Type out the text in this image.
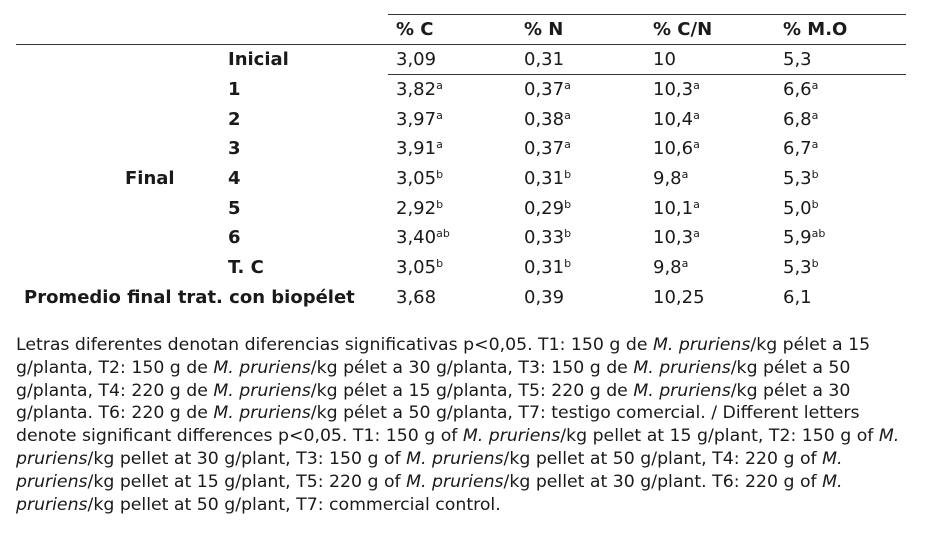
% C	% N	% C/N	% M.O
Final
Inicial	3,09	0,31	10	5,3
1	3,82$^a$	0,37$^a$	10,3$^a$	6,6$^a$
2	3,97$^a$	0,38$^a$	10,4$^a$	6,8$^a$
3	3,91$^a$	0,37$^a$	10,6$^a$	6,7$^a$
4	3,05$^b$	0,31$^b$	9,8$^a$	5,3$^b$
5	2,92$^b$	0,29$^b$	10,1$^a$	5,0$^b$
6	3,40$^{ab}$	0,33$^b$	10,3$^a$	5,9$^{ab}$
T. C	3,05$^b$	0,31$^b$	9,8$^a$	5,3$^b$
Promedio final trat. con biopélet 3,68	0,39	10,25	6,1
Letras diferentes denotan diferencias significativas p<0,05. T1: 150 g de M. pruriens/kg pélet a 15 g/planta, T2: 150 g de M. pruriens/kg pélet a 30 g/planta, T3: 150 g de M. pruriens/kg pélet a 50 g/planta, T4: 220 g de M. pruriens/kg pélet a 15 g/planta, T5: 220 g de M. pruriens/kg pélet a 30 g/planta. T6: 220 g de M. pruriens/kg pélet a 50 g/planta, T7: testigo comercial. / Different letters denote significant differences p<0,05. T1: 150 g of M. pruriens/kg pellet at 15 g/plant, T2: 150 g of M. pruriens/kg pellet at 30 g/plant, T3: 150 g of M. pruriens/kg pellet at 50 g/plant, T4: 220 g of M. pruriens/kg pellet at 15 g/plant, T5: 220 g of M. pruriens/kg pellet at 30 g/plant. T6: 220 g of M. pruriens/kg pellet at 50 g/plant, T7: commercial control.
